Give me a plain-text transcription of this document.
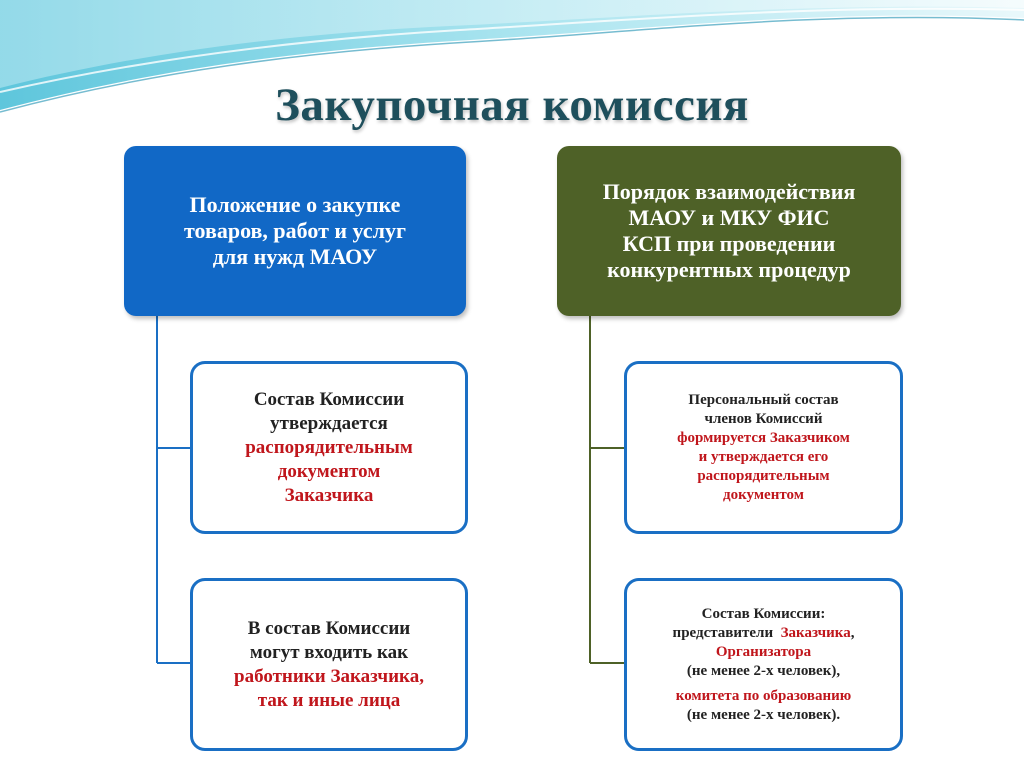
Закупочная комиссия
Положение о закупке
товаров, работ и услуг
для нужд МАОУ
Порядок взаимодействия
МАОУ и МКУ ФИС
КСП при проведении
конкурентных процедур
Состав Комиссии
утверждается
распорядительным
документом
Заказчика
В состав Комиссии
могут входить как
работники Заказчика,
так и иные лица
Персональный состав
членов Комиссий
формируется Заказчиком
и утверждается его
распорядительным
документом
Состав Комиссии:
представители  Заказчика,
Организатора
(не менее 2-х человек),
комитета по образованию
(не менее 2-х человек).
